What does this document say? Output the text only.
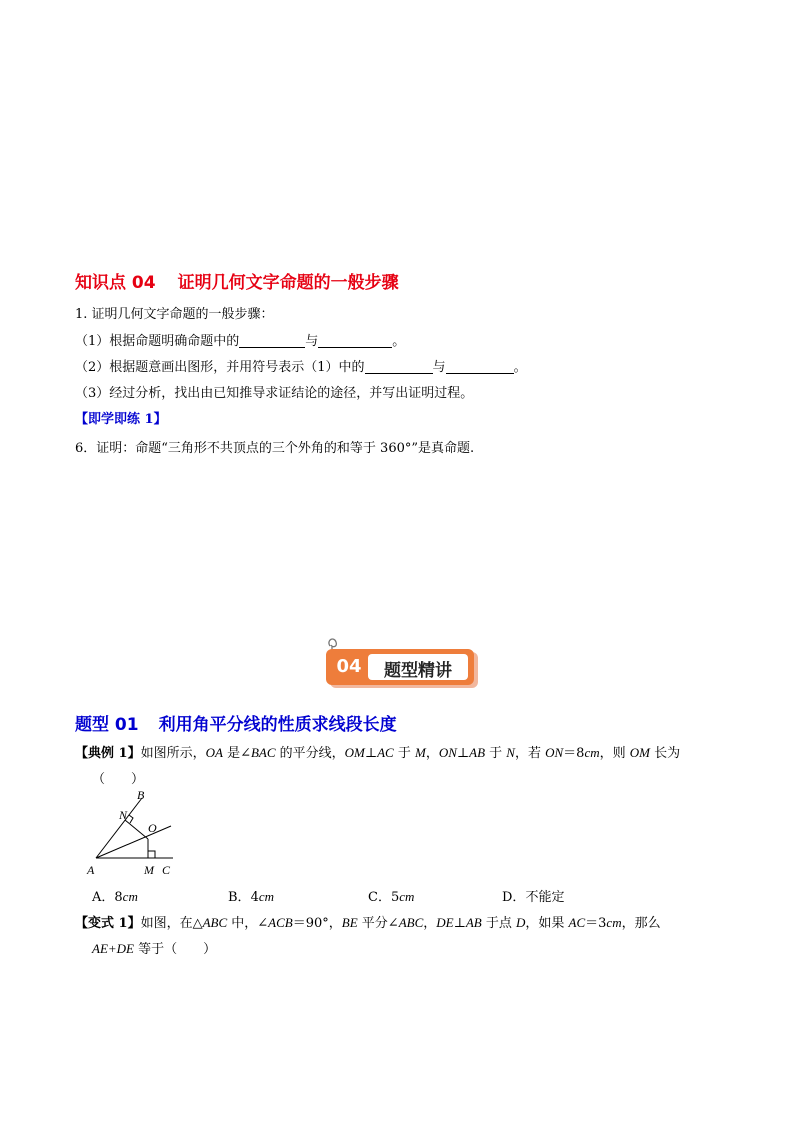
知识点 04 证明几何文字命题的一般步骤
1. 证明几何文字命题的一般步骤：
（1）根据命题明确命题中的	与	。
（2）根据题意画出图形，并用符号表示（1）中的	与	。
（3）经过分析，找出由已知推导求证结论的途径，并写出证明过程。
【即学即练 1】
6．证明：命题“三角形不共顶点的三个外角的和等于 360°”是真命题.
04	题型精讲
题型 01 利用角平分线的性质求线段长度
【典例 1】如图所示，OA 是∠BAC 的平分线，OM⊥AC 于 M，ON⊥AB 于 N，若 ON＝8cm，则 OM 长为
（　　）
A
B
C
M
N
O
A．8cm	B．4cm	C．5cm	D．不能定
【变式 1】如图，在△ABC 中，∠ACB＝90°，BE 平分∠ABC，DE⊥AB 于点 D，如果 AC＝3cm，那么
AE+DE 等于（　　）
